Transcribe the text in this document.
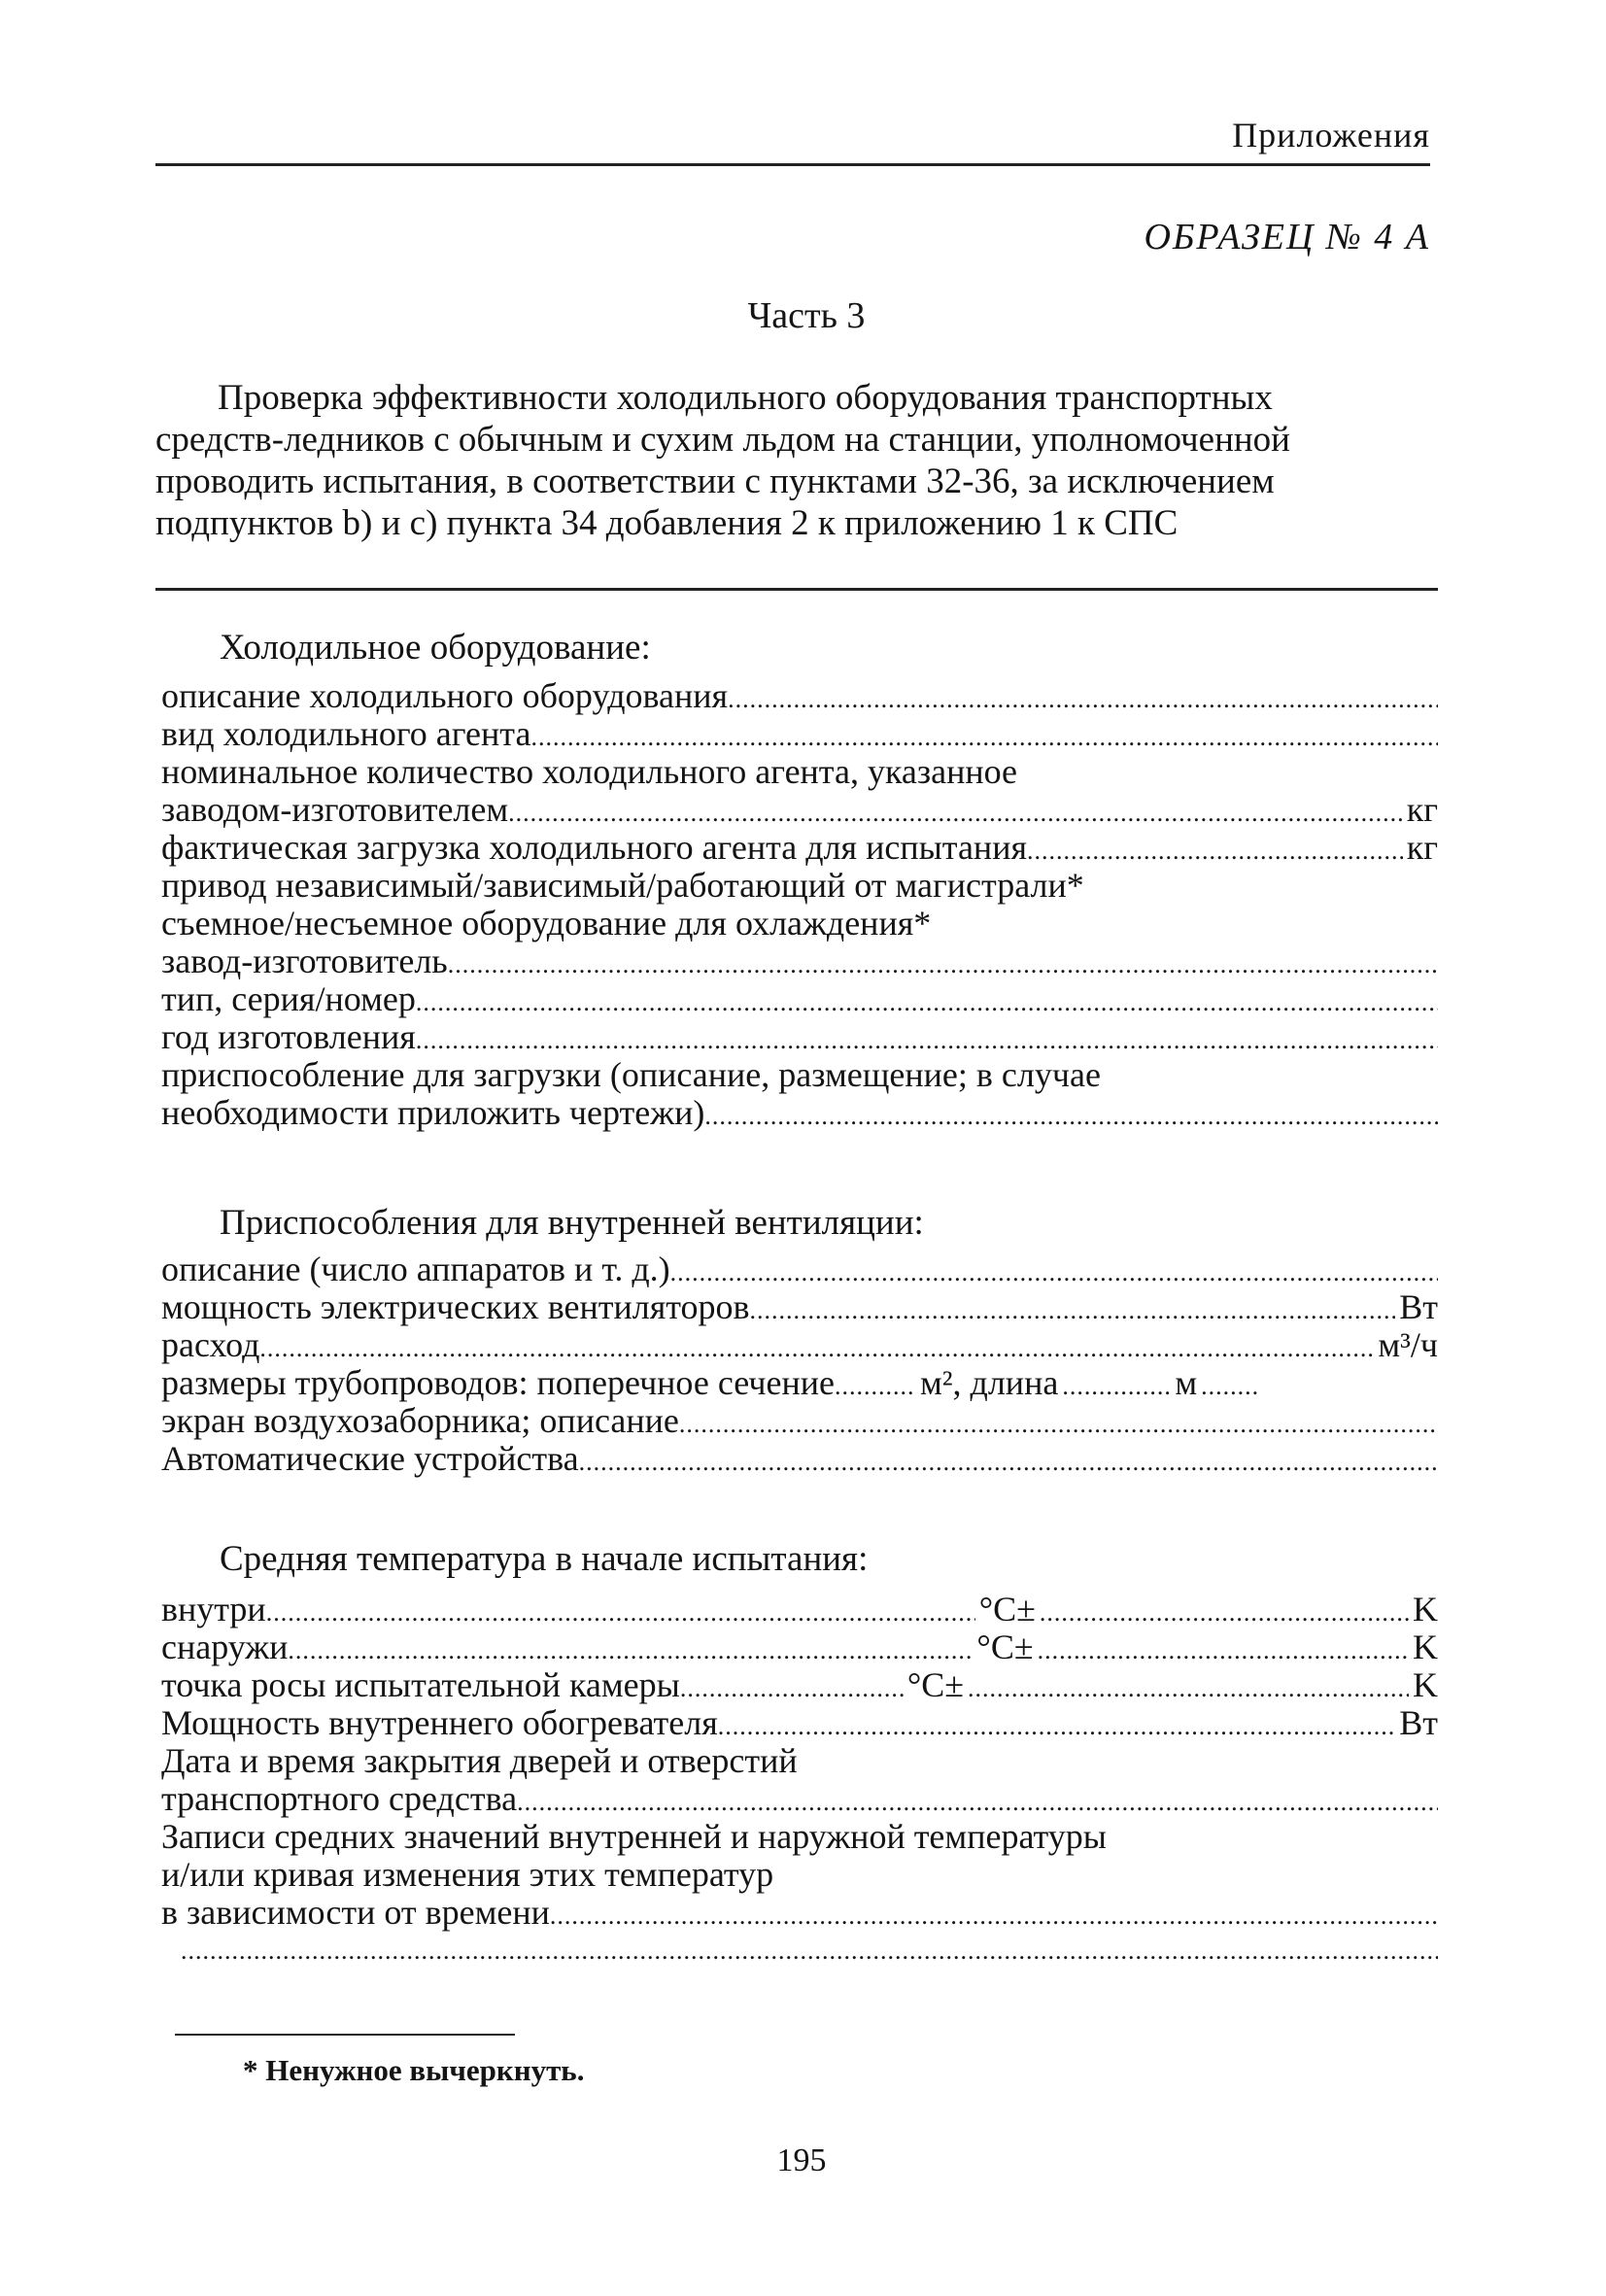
Приложения
ОБРАЗЕЦ № 4 А
Часть 3
Проверка эффективности холодильного оборудования транспортных
средств-ледников с обычным и сухим льдом на станции, уполномоченной
проводить испытания, в соответствии с пунктами 32-36, за исключением
подпунктов b) и c) пункта 34 добавления 2 к приложению 1 к СПС
Холодильное оборудование:
описание холодильного оборудования
.....
вид холодильного агента
.....
номинальное количество холодильного агента, указанное
заводом-изготовителем .....	кг
фактическая загрузка холодильного агента для испытания .....	кг
привод независимый/зависимый/работающий от магистрали*
съемное/несъемное оборудование для охлаждения*
завод-изготовитель
.....
тип, серия/номер
.....
год изготовления
.....
приспособление для загрузки (описание, размещение; в случае
необходимости приложить чертежи)
.....
Приспособления для внутренней вентиляции:
описание (число аппаратов и т. д.)
.....
мощность электрических вентиляторов .....	Вт
расход .....	м³/ч
размеры трубопроводов: поперечное сечение ..... м², длина .....	м
.....
экран воздухозаборника; описание
.....
Автоматические устройства
.....
Средняя температура в начале испытания:
внутри .....	°C± .....	K
снаружи .....	°C± .....	K
точка росы испытательной камеры .....	°C± .....	K
Мощность внутреннего обогревателя .....	Вт
Дата и время закрытия дверей и отверстий
транспортного средства
.....
Записи средних значений внутренней и наружной температуры
и/или кривая изменения этих температур
в зависимости от времени
.....
.....
* Ненужное вычеркнуть.
195
